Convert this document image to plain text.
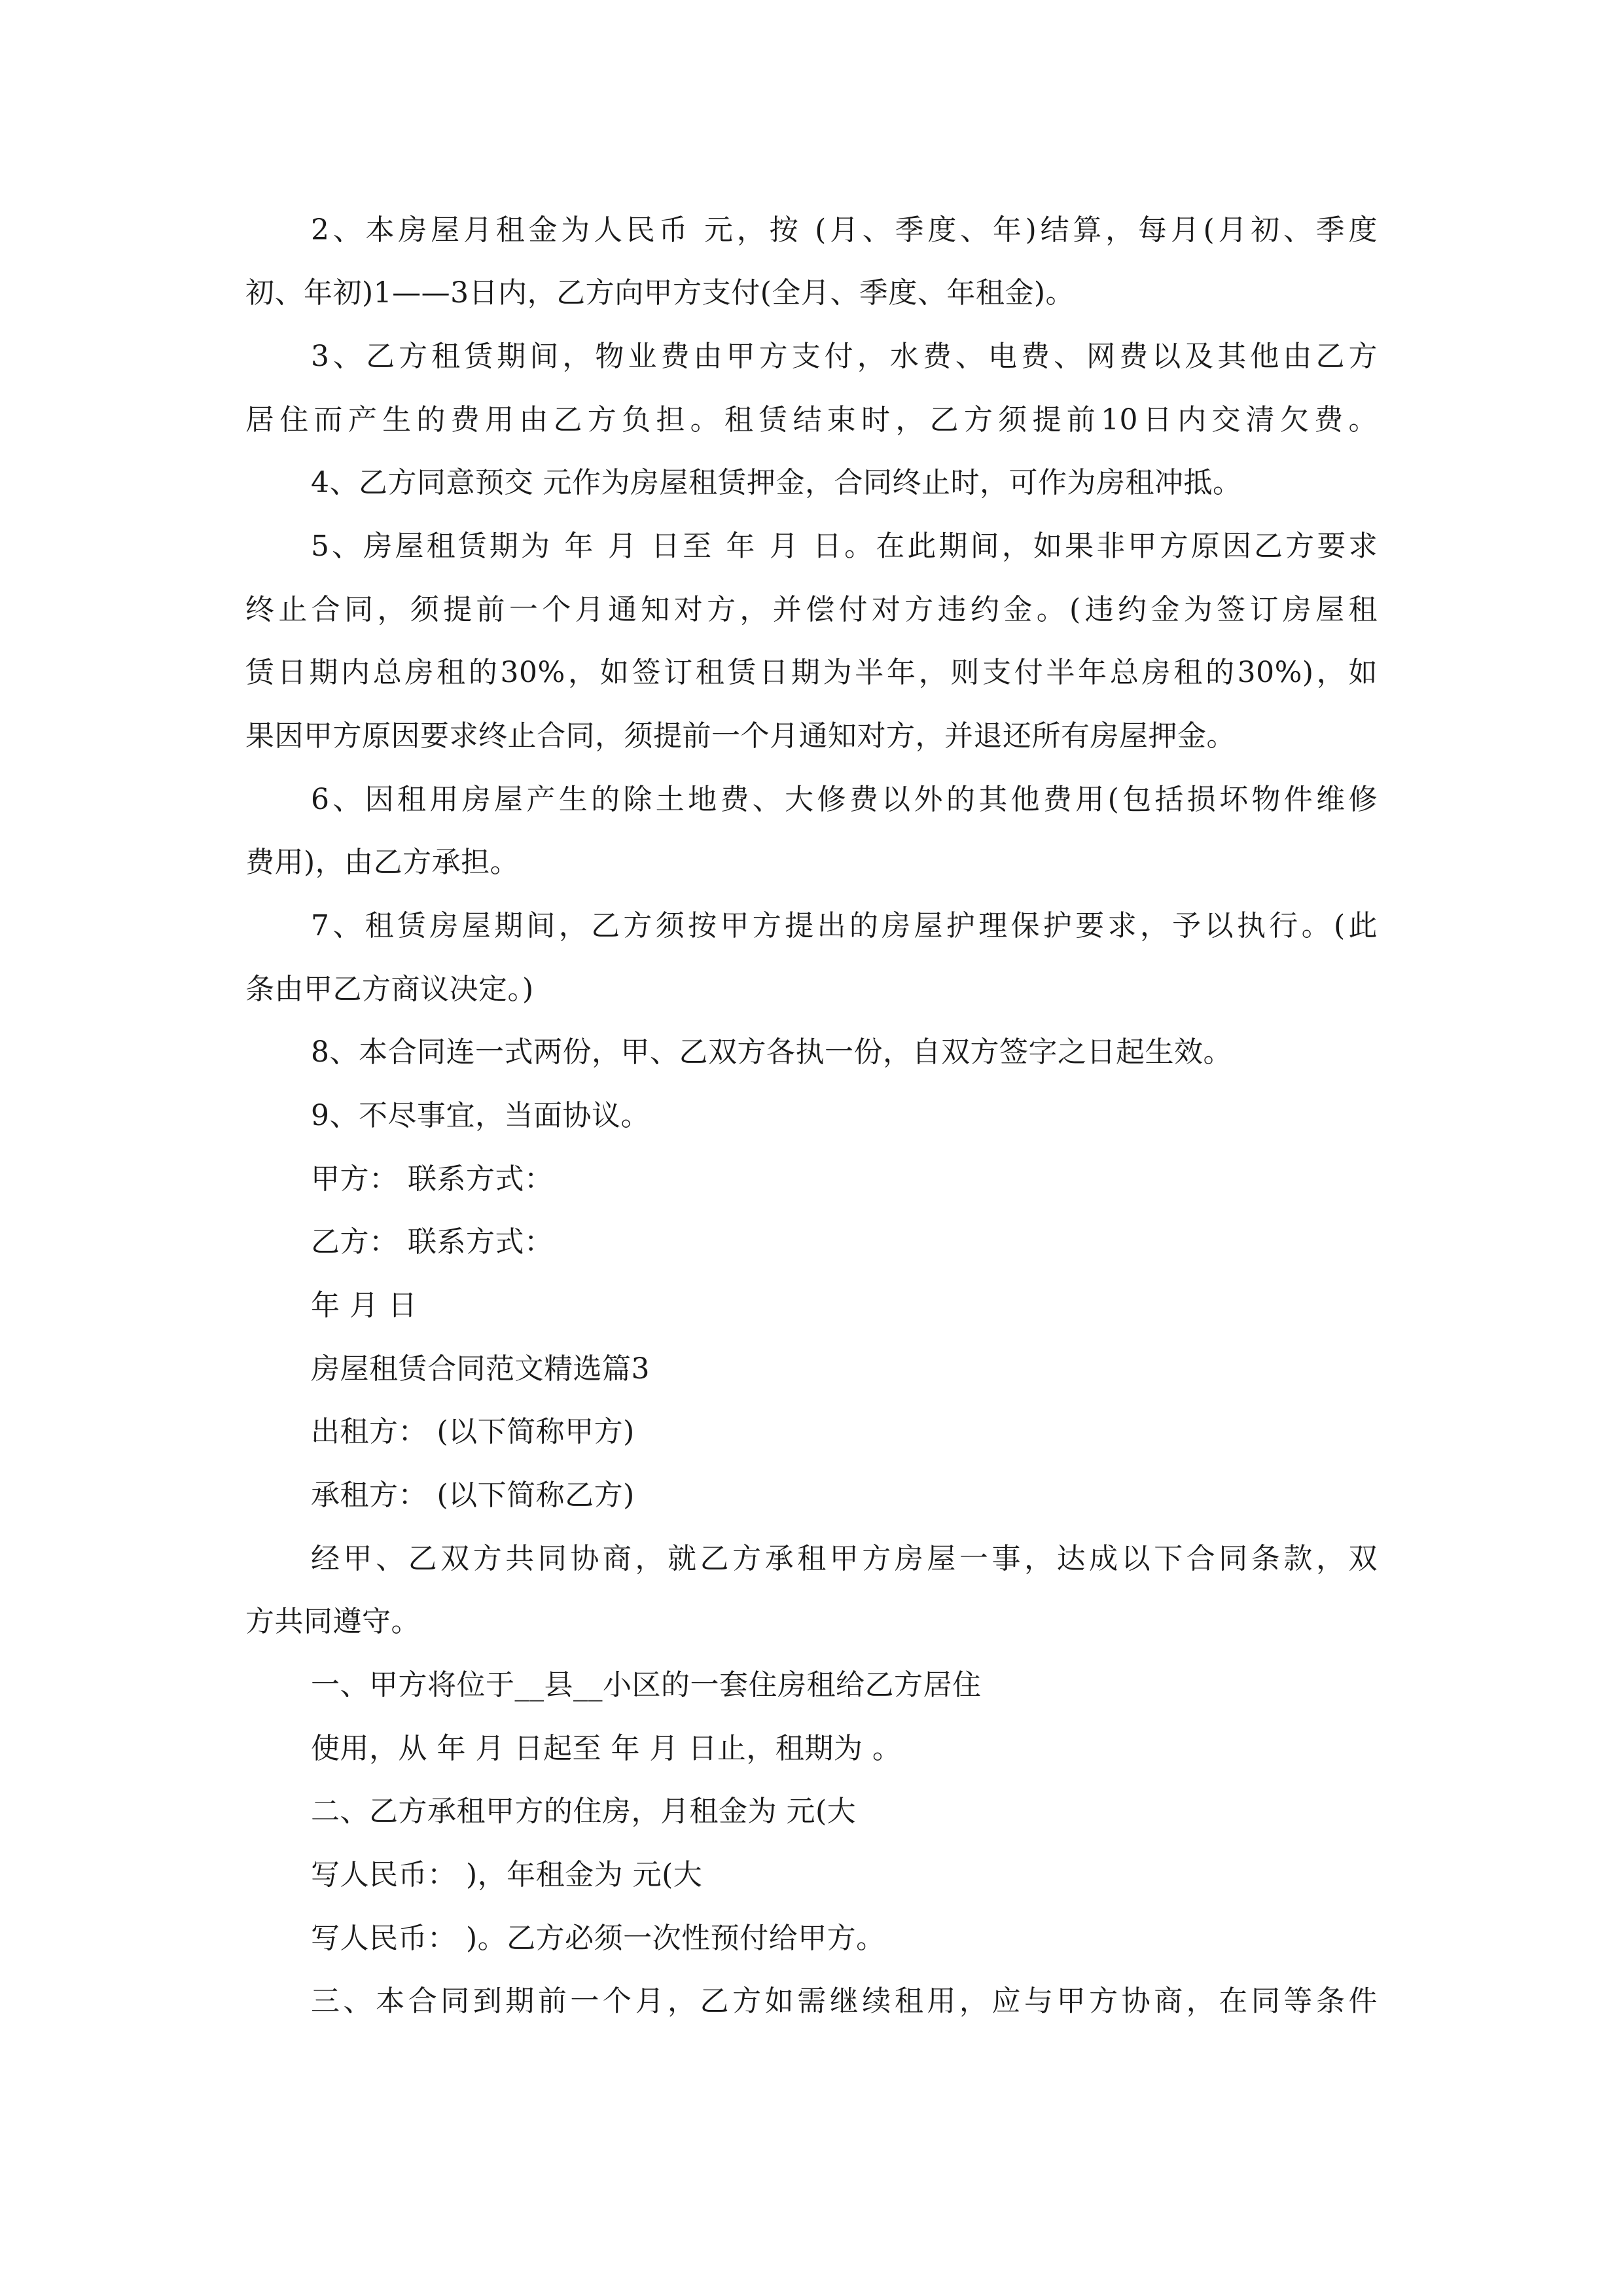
2、本房屋月租金为人民币 元，按 (月、季度、年)结算，每月(月初、季度
初、年初)1——3日内，乙方向甲方支付(全月、季度、年租金)。
3、乙方租赁期间，物业费由甲方支付，水费、电费、网费以及其他由乙方
居住而产生的费用由乙方负担。租赁结束时，乙方须提前10日内交清欠费。
4、乙方同意预交 元作为房屋租赁押金，合同终止时，可作为房租冲抵。
5、房屋租赁期为 年 月 日至 年 月 日。在此期间，如果非甲方原因乙方要求
终止合同，须提前一个月通知对方，并偿付对方违约金。(违约金为签订房屋租
赁日期内总房租的30%，如签订租赁日期为半年，则支付半年总房租的30%)，如
果因甲方原因要求终止合同，须提前一个月通知对方，并退还所有房屋押金。
6、因租用房屋产生的除土地费、大修费以外的其他费用(包括损坏物件维修
费用)，由乙方承担。
7、租赁房屋期间，乙方须按甲方提出的房屋护理保护要求，予以执行。(此
条由甲乙方商议决定。)
8、本合同连一式两份，甲、乙双方各执一份，自双方签字之日起生效。
9、不尽事宜，当面协议。
甲方： 联系方式：
乙方： 联系方式：
年 月 日
房屋租赁合同范文精选篇3
出租方： (以下简称甲方)
承租方： (以下简称乙方)
经甲、乙双方共同协商，就乙方承租甲方房屋一事，达成以下合同条款，双
方共同遵守。
一、甲方将位于__县__小区的一套住房租给乙方居住
使用，从 年 月 日起至 年 月 日止，租期为 。
二、乙方承租甲方的住房，月租金为 元(大
写人民币： )，年租金为 元(大
写人民币： )。乙方必须一次性预付给甲方。
三、本合同到期前一个月，乙方如需继续租用，应与甲方协商，在同等条件
